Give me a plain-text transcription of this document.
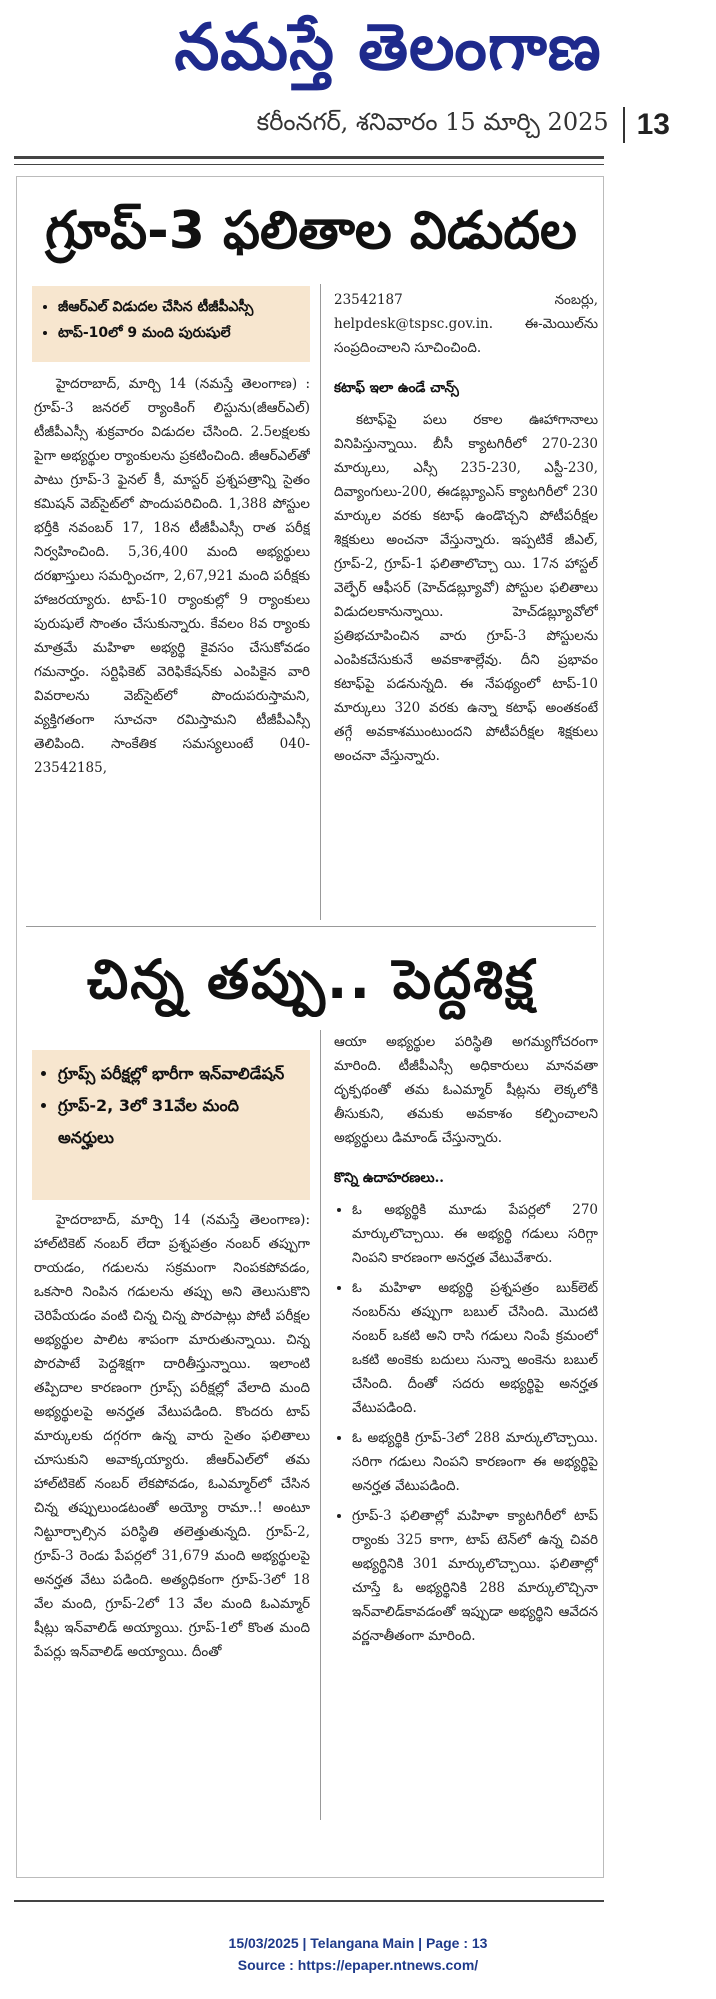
నమస్తే తెలంగాణ
కరీంనగర్, శనివారం 15 మార్చి 2025 13
గ్రూప్-3 ఫలితాల విడుదల
• జీఆర్ఎల్ విడుదల చేసిన టీజీపీఎస్సీ
• టాప్-10లో 9 మంది పురుషులే

హైదరాబాద్, మార్చి 14 (నమస్తే తెలంగాణ) : గ్రూప్-3 జనరల్ ర్యాంకింగ్ లిస్టును(జీఆర్ఎల్) టీజీపీఎస్సీ శుక్రవారం విడుదల చేసింది. 2.5లక్షలకు పైగా అభ్యర్థుల ర్యాంకులను ప్రకటించింది. జీఆర్ఎల్‌తో పాటు గ్రూప్-3 ఫైనల్ కీ, మాస్టర్ ప్రశ్నపత్రాన్ని సైతం కమిషన్ వెబ్‌సైట్‌లో పొందుపరిచింది. 1,388 పోస్టుల భర్తీకి నవంబర్ 17, 18న టీజీపీఎస్సీ రాత పరీక్ష నిర్వహించింది. 5,36,400 మంది అభ్యర్థులు దరఖాస్తులు సమర్పించగా, 2,67,921 మంది పరీక్షకు హాజరయ్యారు. టాప్-10 ర్యాంకుల్లో 9 ర్యాంకులు పురుషులే సొంతం చేసుకున్నారు. కేవలం 8వ ర్యాంకు మాత్రమే మహిళా అభ్యర్థి కైవసం చేసుకోవడం గమనార్హం. సర్టిఫికెట్ వెరిఫికేషన్‌కు ఎంపికైన వారి వివరాలను వెబ్‌సైట్‌లో పొందుపరుస్తామని, వ్యక్తిగతంగా సూచనా రమిస్తామని టీజీపీఎస్సీ తెలిపింది. సాంకేతిక సమస్యలుంటే 040-23542185,

23542187 నంబర్లు, helpdesk@tspsc.gov.in. ఈ-మెయిల్‌ను సంప్రదించాలని సూచించింది.

కటాఫ్ ఇలా ఉండే చాన్స్

కటాఫ్‌పై పలు రకాల ఊహాగానాలు వినిపిస్తున్నాయి. బీసీ క్యాటగిరీలో 270-230 మార్కులు, ఎస్సీ 235-230, ఎస్టీ-230, దివ్యాంగులు-200, ఈడబ్ల్యూఎస్ క్యాటగిరీలో 230 మార్కుల వరకు కటాఫ్ ఉండొచ్చని పోటీపరీక్షల శిక్షకులు అంచనా వేస్తున్నారు. ఇప్పటికే జీఎల్, గ్రూప్-2, గ్రూప్-1 ఫలితాలొచ్చా యి. 17న హాస్టల్ వెల్ఫేర్ ఆఫీసర్ (హెచ్‌డబ్ల్యూవో) పోస్టుల ఫలితాలు విడుదలకానున్నాయి. హెచ్‌డబ్ల్యూవోలో ప్రతిభచూపించిన వారు గ్రూప్-3 పోస్టులను ఎంపికచేసుకునే అవకాశాల్లేవు. దీని ప్రభావం కటాఫ్‌పై పడనున్నది. ఈ నేపథ్యంలో టాప్-10 మార్కులు 320 వరకు ఉన్నా కటాఫ్ అంతకంటే తగ్గే అవకాశముంటుందని పోటీపరీక్షల శిక్షకులు అంచనా వేస్తున్నారు.

చిన్న తప్పు.. పెద్దశిక్ష
• గ్రూప్స్ పరీక్షల్లో భారీగా ఇన్‌వాలిడేషన్
• గ్రూప్-2, 3లో 31వేల మంది అనర్హులు

హైదరాబాద్, మార్చి 14 (నమస్తే తెలంగాణ): హాల్‌టికెట్ నంబర్ లేదా ప్రశ్నపత్రం నంబర్ తప్పుగా రాయడం, గడులను సక్రమంగా నింపకపోవడం, ఒకసారి నింపిన గడులను తప్పు అని తెలుసుకొని చెరిపేయడం వంటి చిన్న చిన్న పొరపాట్లు పోటీ పరీక్షల అభ్యర్థుల పాలిట శాపంగా మారుతున్నాయి. చిన్న పొరపాటే పెద్దశిక్షగా దారితీస్తున్నాయి. ఇలాంటి తప్పిదాల కారణంగా గ్రూప్స్ పరీక్షల్లో వేలాది మంది అభ్యర్థులపై అనర్హత వేటుపడింది. కొందరు టాప్ మార్కులకు దగ్గరగా ఉన్న వారు సైతం ఫలితాలు చూసుకుని అవాక్కయ్యారు. జీఆర్ఎల్‌లో తమ హాల్‌టికెట్ నంబర్ లేకపోవడం, ఓఎమ్మార్‌లో చేసిన చిన్న తప్పులుండటంతో అయ్యో రామా..! అంటూ నిట్టూర్చాల్సిన పరిస్థితి తలెత్తుతున్నది. గ్రూప్-2, గ్రూప్-3 రెండు పేపర్లలో 31,679 మంది అభ్యర్థులపై అనర్హత వేటు పడింది. అత్యధికంగా గ్రూప్-3లో 18 వేల మంది, గ్రూప్-2లో 13 వేల మంది ఓఎమ్మార్ షీట్లు ఇన్‌వాలిడ్ అయ్యాయి. గ్రూప్-1లో కొంత మంది పేపర్లు ఇన్‌వాలిడ్ అయ్యాయి. దీంతో

ఆయా అభ్యర్థుల పరిస్థితి అగమ్యగోచరంగా మారింది. టీజీపీఎస్సీ అధికారులు మానవతా దృక్పథంతో తమ ఓఎమ్మార్ షీట్లను లెక్కలోకి తీసుకుని, తమకు అవకాశం కల్పించాలని అభ్యర్థులు డిమాండ్ చేస్తున్నారు.

కొన్ని ఉదాహరణలు..
• ఓ అభ్యర్థికి మూడు పేపర్లలో 270 మార్కులొచ్చాయి. ఈ అభ్యర్థి గడులు సరిగ్గా నింపని కారణంగా అనర్హత వేటువేశారు.
• ఓ మహిళా అభ్యర్థి ప్రశ్నపత్రం బుక్‌లెట్ నంబర్‌ను తప్పుగా బబుల్ చేసింది. మొదటి నంబర్ ఒకటి అని రాసి గడులు నింపే క్రమంలో ఒకటి అంకెకు బదులు సున్నా అంకెను బబుల్ చేసింది. దీంతో సదరు అభ్యర్థిపై అనర్హత వేటుపడింది.
• ఓ అభ్యర్థికి గ్రూప్-3లో 288 మార్కులొచ్చాయి. సరిగా గడులు నింపని కారణంగా ఈ అభ్యర్థిపై అనర్హత వేటుపడింది.
• గ్రూప్-3 ఫలితాల్లో మహిళా క్యాటగిరీలో టాప్ ర్యాంకు 325 కాగా, టాప్ టెన్‌లో ఉన్న చివరి అభ్యర్థినికి 301 మార్కులొచ్చాయి. ఫలితాల్లో చూస్తే ఓ అభ్యర్థినికి 288 మార్కులొచ్చినా ఇన్‌వాలిడ్‌కావడంతో ఇప్పుడా అభ్యర్థిని ఆవేదన వర్ణనాతీతంగా మారింది.
15/03/2025 | Telangana Main | Page : 13
Source : https://epaper.ntnews.com/
